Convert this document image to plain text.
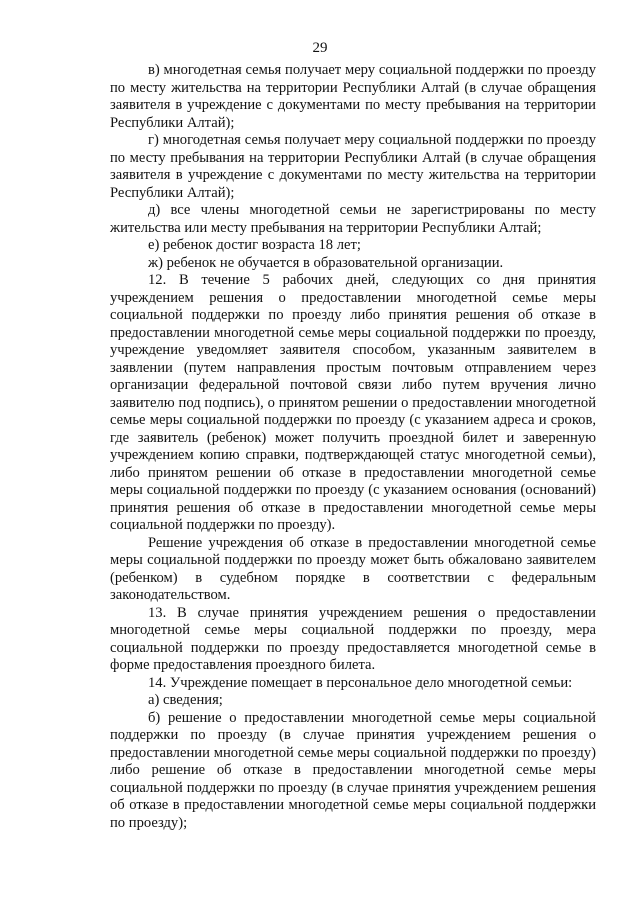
29

в) многодетная семья получает меру социальной поддержки по проезду по месту жительства на территории Республики Алтай (в случае обращения заявителя в учреждение с документами по месту пребывания на территории Республики Алтай);

г) многодетная семья получает меру социальной поддержки по проезду по месту пребывания на территории Республики Алтай (в случае обращения заявителя в учреждение с документами по месту жительства на территории Республики Алтай);

д) все члены многодетной семьи не зарегистрированы по месту жительства или месту пребывания на территории Республики Алтай;

е) ребенок достиг возраста 18 лет;

ж) ребенок не обучается в образовательной организации.

12. В течение 5 рабочих дней, следующих со дня принятия учреждением решения о предоставлении многодетной семье меры социальной поддержки по проезду либо принятия решения об отказе в предоставлении многодетной семье меры социальной поддержки по проезду, учреждение уведомляет заявителя способом, указанным заявителем в заявлении (путем направления простым почтовым отправлением через организации федеральной почтовой связи либо путем вручения лично заявителю под подпись), о принятом решении о предоставлении многодетной семье меры социальной поддержки по проезду (с указанием адреса и сроков, где заявитель (ребенок) может получить проездной билет и заверенную учреждением копию справки, подтверждающей статус многодетной семьи), либо принятом решении об отказе в предоставлении многодетной семье меры социальной поддержки по проезду (с указанием основания (оснований) принятия решения об отказе в предоставлении многодетной семье меры социальной поддержки по проезду).

Решение учреждения об отказе в предоставлении многодетной семье меры социальной поддержки по проезду может быть обжаловано заявителем (ребенком) в судебном порядке в соответствии с федеральным законодательством.

13. В случае принятия учреждением решения о предоставлении многодетной семье меры социальной поддержки по проезду, мера социальной поддержки по проезду предоставляется многодетной семье в форме предоставления проездного билета.

14. Учреждение помещает в персональное дело многодетной семьи:

а) сведения;

б) решение о предоставлении многодетной семье меры социальной поддержки по проезду (в случае принятия учреждением решения о предоставлении многодетной семье меры социальной поддержки по проезду) либо решение об отказе в предоставлении многодетной семье меры социальной поддержки по проезду (в случае принятия учреждением решения об отказе в предоставлении многодетной семье меры социальной поддержки по проезду);
